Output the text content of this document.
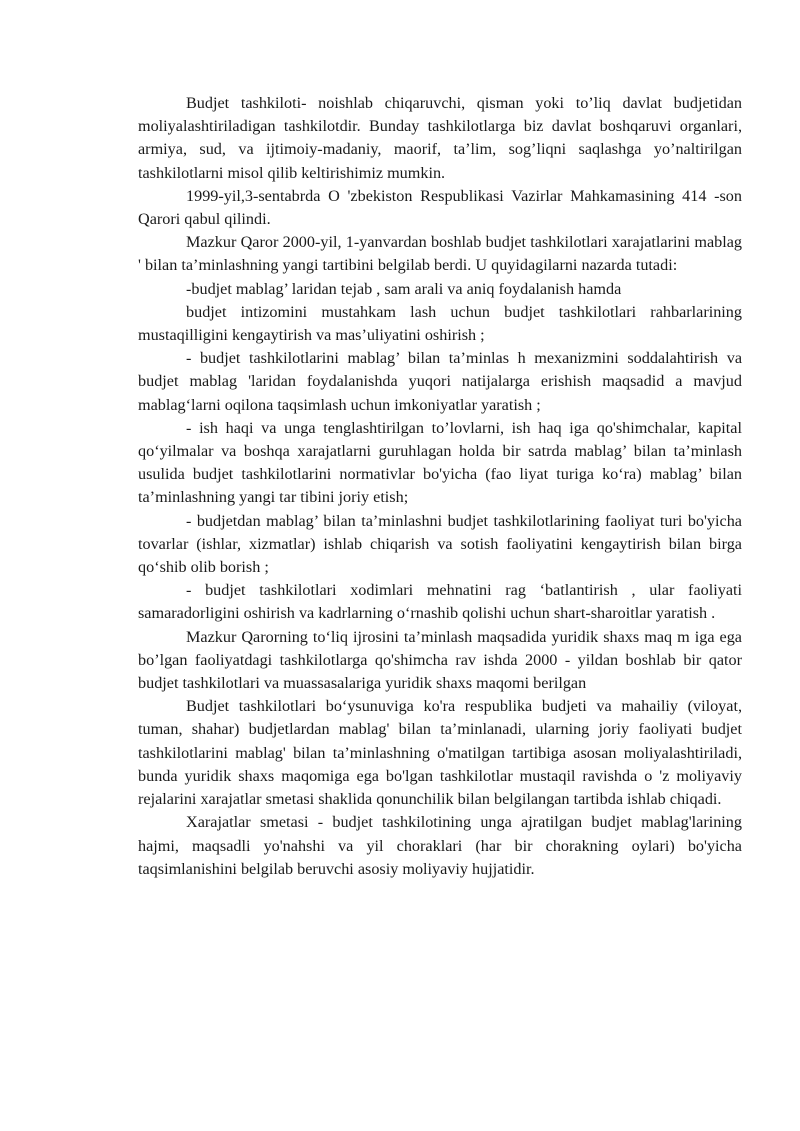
Budjet tashkiloti- noishlab chiqaruvchi, qisman yoki to’liq davlat budjetidan moliyalashtiriladigan tashkilotdir. Bunday tashkilotlarga biz davlat boshqaruvi organlari, armiya, sud, va ijtimoiy-madaniy, maorif, ta’lim, sog’liqni saqlashga yo’naltirilgan tashkilotlarni misol qilib keltirishimiz mumkin.

1999-yil,3-sentabrda O 'zbekiston Respublikasi Vazirlar Mahkamasining 414 -son Qarori qabul qilindi.

Mazkur Qaror 2000-yil, 1-yanvardan boshlab budjet tashkilotlari xarajatlarini mablag ' bilan ta’minlashning yangi tartibini belgilab berdi. U quyidagilarni nazarda tutadi:

-budjet mablag’ laridan tejab , sam arali va aniq foydalanish hamda

budjet intizomini mustahkam lash uchun budjet tashkilotlari rahbarlarining mustaqilligini kengaytirish va mas’uliyatini oshirish ;

- budjet tashkilotlarini mablag’ bilan ta’minlas h mexanizmini soddalahtirish va budjet mablag 'laridan foydalanishda yuqori natijalarga erishish maqsadid a mavjud mablag‘larni oqilona taqsimlash uchun imkoniyatlar yaratish ;

- ish haqi va unga tenglashtirilgan to’lovlarni, ish haq iga qo'shimchalar, kapital qo‘yilmalar va boshqa xarajatlarni guruhlagan holda bir satrda mablag’ bilan ta’minlash usulida budjet tashkilotlarini normativlar bo'yicha (fao liyat turiga ko‘ra) mablag’ bilan ta’minlashning yangi tar tibini joriy etish;

- budjetdan mablag’ bilan ta’minlashni budjet tashkilotlarining faoliyat turi bo'yicha tovarlar (ishlar, xizmatlar) ishlab chiqarish va sotish faoliyatini kengaytirish bilan birga qo‘shib olib borish ;

- budjet tashkilotlari xodimlari mehnatini rag ‘batlantirish , ular faoliyati samaradorligini oshirish va kadrlarning o‘rnashib qolishi uchun shart-sharoitlar yaratish .

Mazkur Qarorning to‘liq ijrosini ta’minlash maqsadida yuridik shaxs maq m iga ega bo’lgan faoliyatdagi tashkilotlarga qo'shimcha rav ishda 2000 - yildan boshlab bir qator budjet tashkilotlari va muassasalariga yuridik shaxs maqomi berilgan

Budjet tashkilotlari bo‘ysunuviga ko'ra respublika budjeti va mahailiy (viloyat, tuman, shahar) budjetlardan mablag' bilan ta’minlanadi, ularning joriy faoliyati budjet tashkilotlarini mablag' bilan ta’minlashning o'matilgan tartibiga asosan moliyalashtiriladi, bunda yuridik shaxs maqomiga ega bo'lgan tashkilotlar mustaqil ravishda o 'z moliyaviy rejalarini xarajatlar smetasi shaklida qonunchilik bilan belgilangan tartibda ishlab chiqadi.

Xarajatlar smetasi - budjet tashkilotining unga ajratilgan budjet mablag'larining hajmi, maqsadli yo'nahshi va yil choraklari (har bir chorakning oylari) bo'yicha taqsimlanishini belgilab beruvchi asosiy moliyaviy hujjatidir.
